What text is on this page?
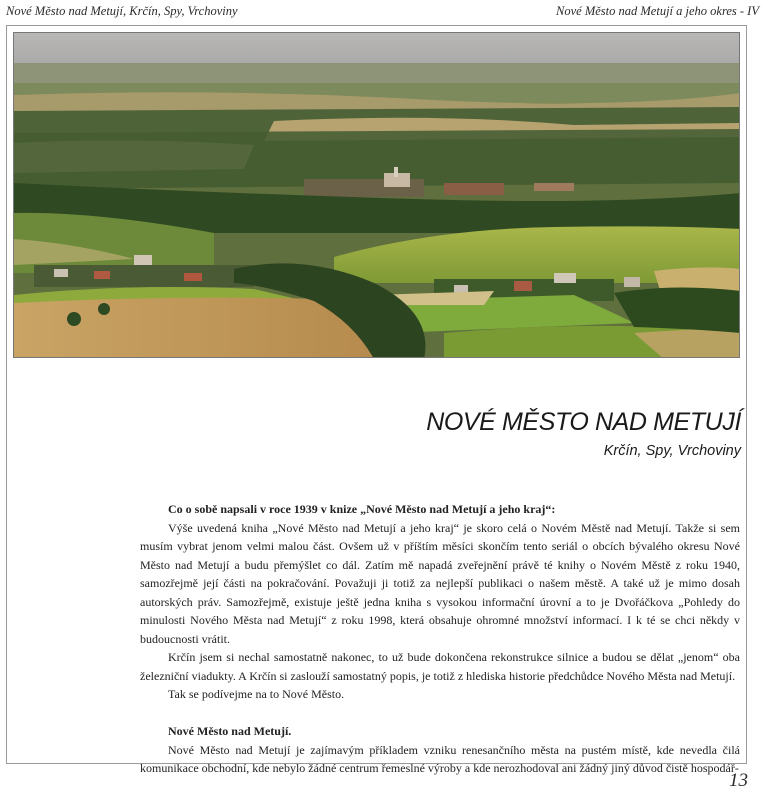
Nové Město nad Metují, Krčín, Spy, Vrchoviny	Nové Město nad Metují a jeho okres - IV
NOVÉ MĚSTO NAD METUJÍ
Krčín, Spy, Vrchoviny
Co o sobě napsali v roce 1939 v knize „Nové Město nad Metují a jeho kraj“:

Výše uvedená kniha „Nové Město nad Metují a jeho kraj“ je skoro celá o Novém Městě nad Metují. Takže si sem musím vybrat jenom velmi malou část. Ovšem už v příštím měsíci skončím tento seriál o obcích bývalého okresu Nové Město nad Metují a budu přemýšlet co dál. Zatím mě napadá zveřejnění právě té knihy o Novém Městě z roku 1940, samozřejmě její části na pokračování. Považuji ji totiž za nejlepší publikaci o našem městě. A také už je mimo dosah autorských práv. Samozřejmě, existuje ještě jedna kniha s vysokou informační úrovní a to je Dvořáčkova „Pohledy do minulosti Nového Města nad Metují“ z roku 1998, která obsahuje ohromné množství informací. I k té se chci někdy v budoucnosti vrátit.

Krčín jsem si nechal samostatně nakonec, to už bude dokončena rekonstrukce silnice a budou se dělat „jenom“ oba železniční viadukty. A Krčín si zaslouží samostatný popis, je totiž z hlediska historie předchůdce Nového Města nad Metují.

Tak se podívejme na to Nové Město.

Nové Město nad Metují.

Nové Město nad Metují je zajímavým příkladem vzniku renesančního města na pustém místě, kde nevedla čilá komunikace obchodní, kde nebylo žádné centrum řemeslné výroby a kde nerozhodoval ani žádný jiný důvod čistě hospodář-

13
